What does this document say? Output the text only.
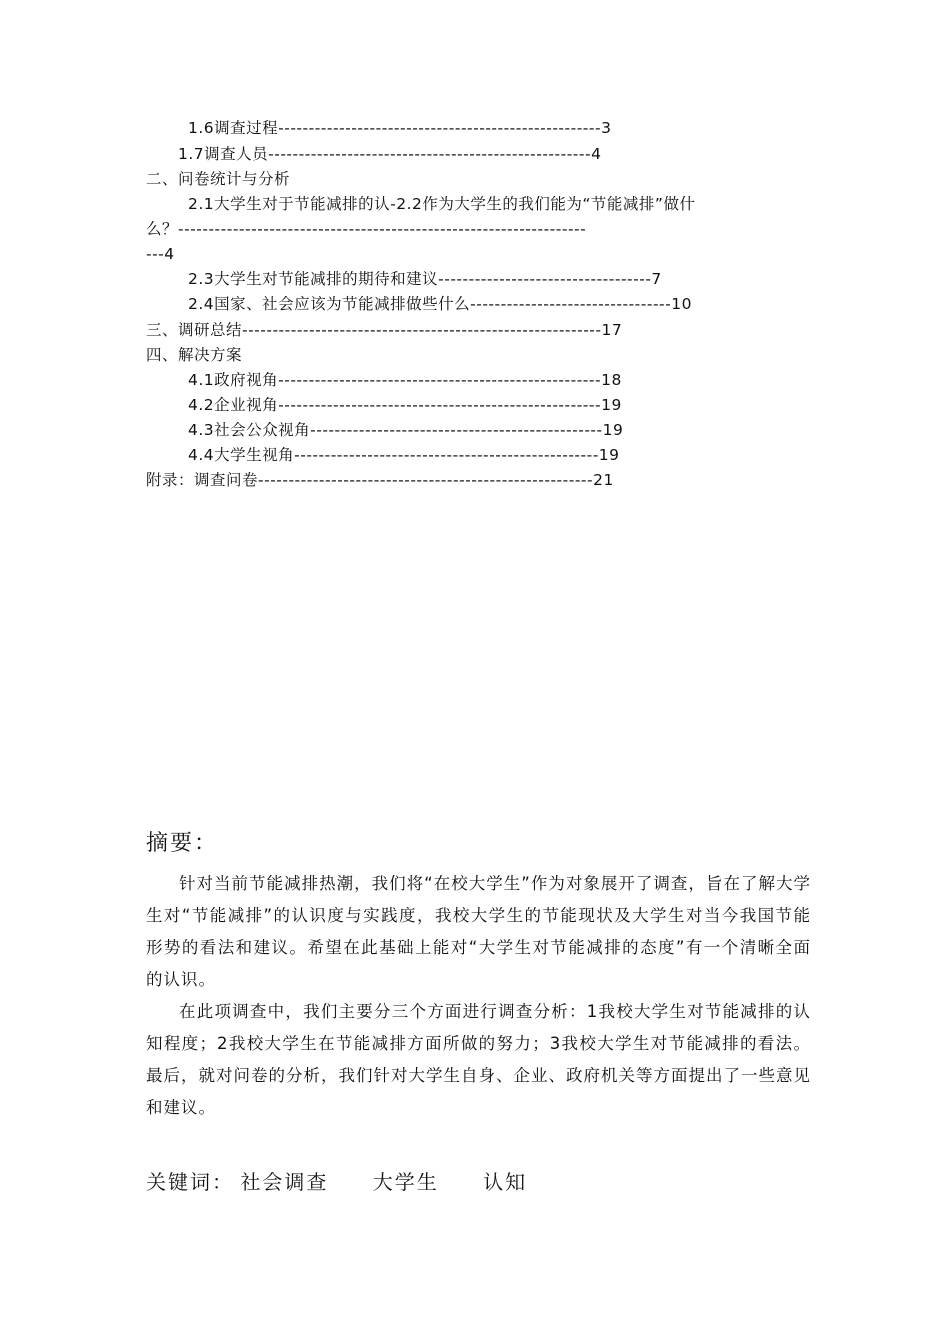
1.6调查过程-----------------------------------------------------3
1.7调查人员-----------------------------------------------------4
二、问卷统计与分析
2.1大学生对于节能减排的认-2.2作为大学生的我们能为“节能减排”做什
么？-------------------------------------------------------------------
---4
2.3大学生对节能减排的期待和建议-----------------------------------7
2.4国家、社会应该为节能减排做些什么---------------------------------10
三、调研总结-----------------------------------------------------------17
四、解决方案
4.1政府视角-----------------------------------------------------18
4.2企业视角-----------------------------------------------------19
4.3社会公众视角------------------------------------------------19
4.4大学生视角--------------------------------------------------19
附录：调查问卷-------------------------------------------------------21
摘要：
针对当前节能减排热潮，我们将“在校大学生”作为对象展开了调查，旨在了解大学生对“节能减排”的认识度与实践度，我校大学生的节能现状及大学生对当今我国节能形势的看法和建议。希望在此基础上能对“大学生对节能减排的态度”有一个清晰全面的认识。
在此项调查中，我们主要分三个方面进行调查分析：1我校大学生对节能减排的认知程度；2我校大学生在节能减排方面所做的努力；3我校大学生对节能减排的看法。最后，就对问卷的分析，我们针对大学生自身、企业、政府机关等方面提出了一些意见和建议。
关键词： 社会调查 大学生 认知
